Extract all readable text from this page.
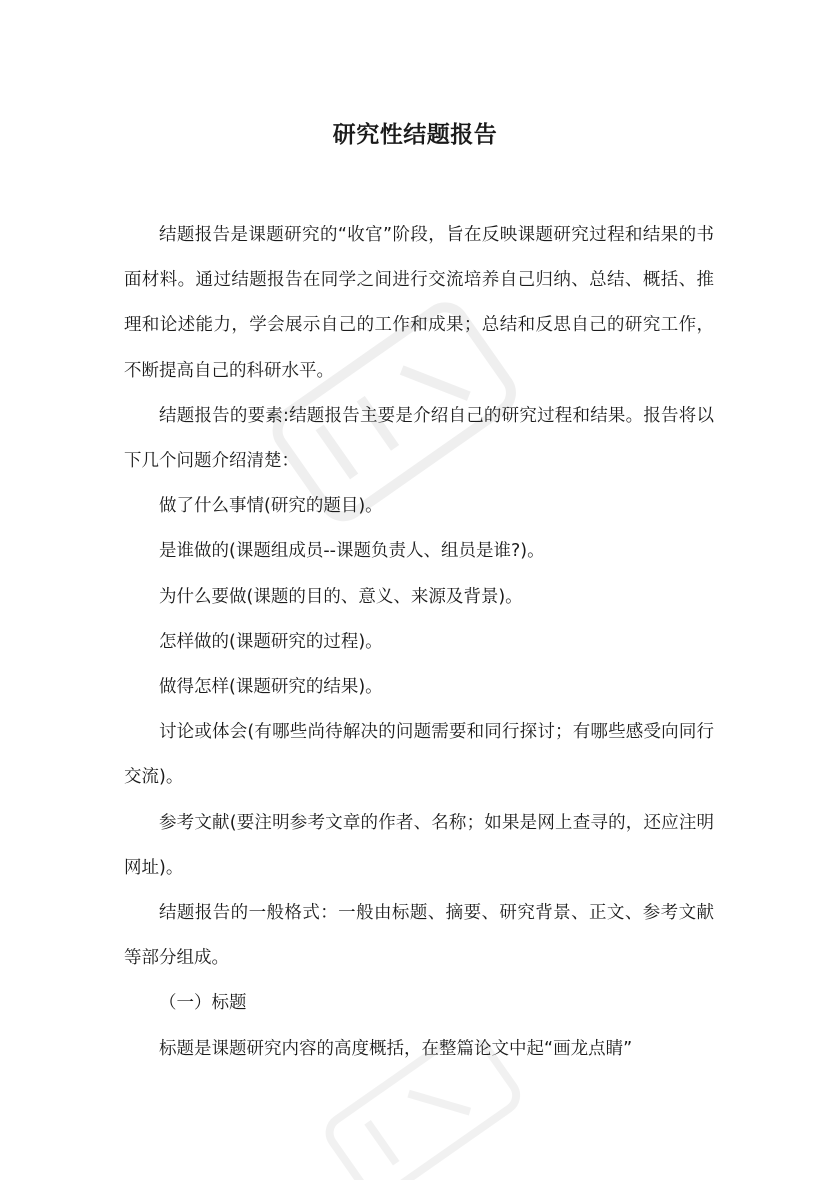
研究性结题报告

结题报告是课题研究的“收官”阶段，旨在反映课题研究过程和结果的书面材料。通过结题报告在同学之间进行交流培养自己归纳、总结、概括、推理和论述能力，学会展示自己的工作和成果；总结和反思自己的研究工作，不断提高自己的科研水平。

结题报告的要素:结题报告主要是介绍自己的研究过程和结果。报告将以下几个问题介绍清楚：

做了什么事情(研究的题目)。

是谁做的(课题组成员--课题负责人、组员是谁?)。

为什么要做(课题的目的、意义、来源及背景)。

怎样做的(课题研究的过程)。

做得怎样(课题研究的结果)。

讨论或体会(有哪些尚待解决的问题需要和同行探讨；有哪些感受向同行交流)。

参考文献(要注明参考文章的作者、名称；如果是网上查寻的，还应注明网址)。

结题报告的一般格式：一般由标题、摘要、研究背景、正文、参考文献等部分组成。

（一）标题

标题是课题研究内容的高度概括，在整篇论文中起“画龙点睛”
